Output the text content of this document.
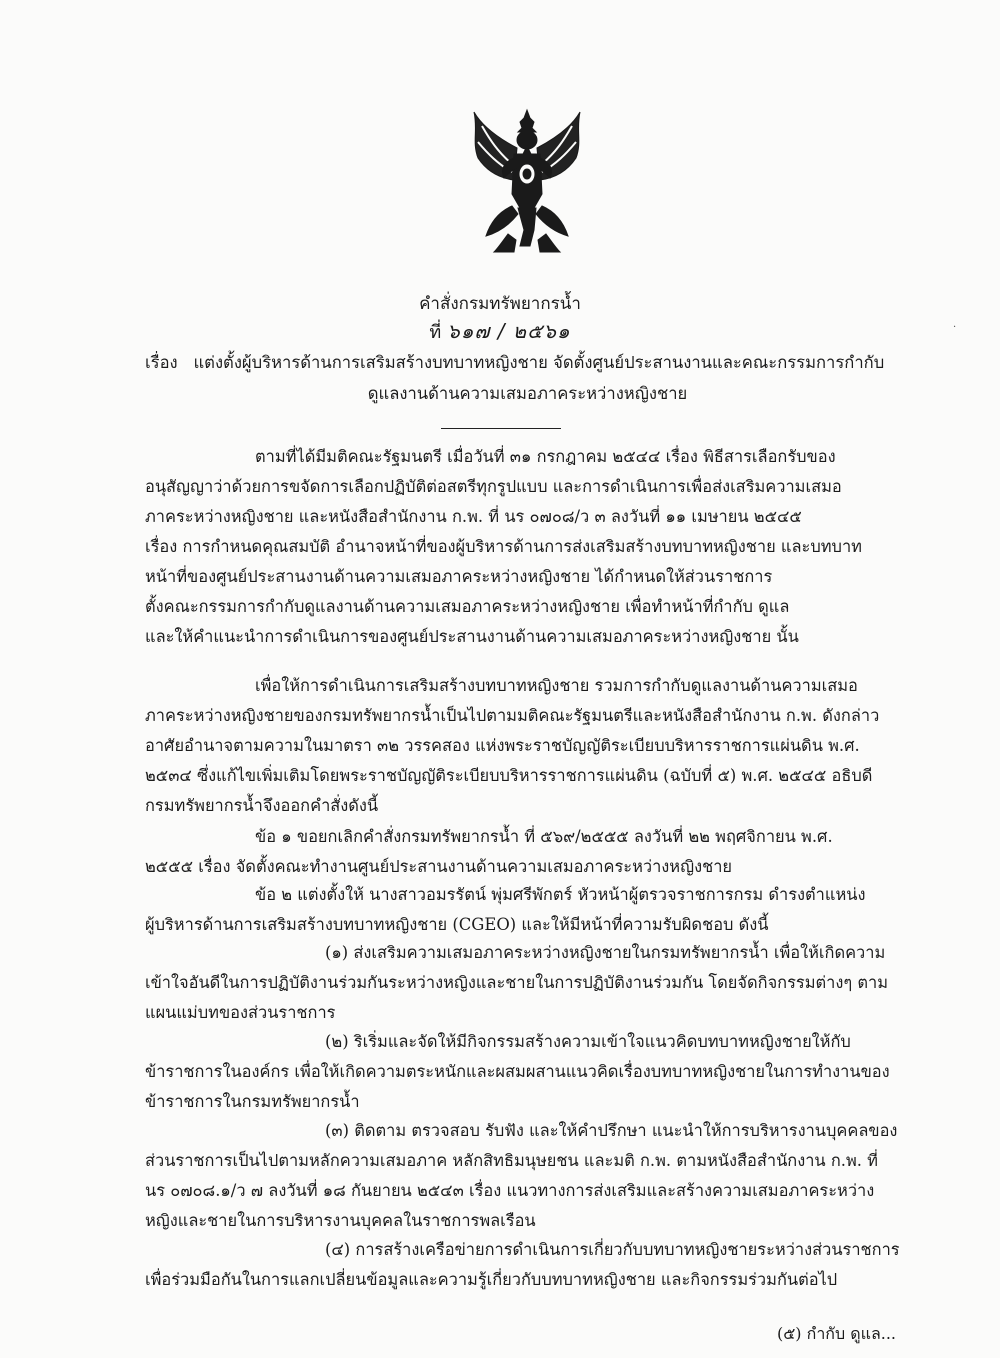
คำสั่งกรมทรัพยากรน้ำ
ที่ ๖๑๗ / ๒๕๖๑	·
เรื่อง แต่งตั้งผู้บริหารด้านการเสริมสร้างบทบาทหญิงชาย จัดตั้งศูนย์ประสานงานและคณะกรรมการกำกับ
ดูแลงานด้านความเสมอภาคระหว่างหญิงชาย
ตามที่ได้มีมติคณะรัฐมนตรี เมื่อวันที่ ๓๑ กรกฎาคม ๒๕๔๔ เรื่อง พิธีสารเลือกรับของ
อนุสัญญาว่าด้วยการขจัดการเลือกปฏิบัติต่อสตรีทุกรูปแบบ และการดำเนินการเพื่อส่งเสริมความเสมอ
ภาคระหว่างหญิงชาย และหนังสือสำนักงาน ก.พ. ที่ นร ๐๗๐๘/ว ๓ ลงวันที่ ๑๑ เมษายน ๒๕๔๕
เรื่อง การกำหนดคุณสมบัติ อำนาจหน้าที่ของผู้บริหารด้านการส่งเสริมสร้างบทบาทหญิงชาย และบทบาท
หน้าที่ของศูนย์ประสานงานด้านความเสมอภาคระหว่างหญิงชาย ได้กำหนดให้ส่วนราชการ
ตั้งคณะกรรมการกำกับดูแลงานด้านความเสมอภาคระหว่างหญิงชาย เพื่อทำหน้าที่กำกับ ดูแล
และให้คำแนะนำการดำเนินการของศูนย์ประสานงานด้านความเสมอภาคระหว่างหญิงชาย นั้น
เพื่อให้การดำเนินการเสริมสร้างบทบาทหญิงชาย รวมการกำกับดูแลงานด้านความเสมอ
ภาคระหว่างหญิงชายของกรมทรัพยากรน้ำเป็นไปตามมติคณะรัฐมนตรีและหนังสือสำนักงาน ก.พ. ดังกล่าว
อาศัยอำนาจตามความในมาตรา ๓๒ วรรคสอง แห่งพระราชบัญญัติระเบียบบริหารราชการแผ่นดิน พ.ศ.
๒๕๓๔ ซึ่งแก้ไขเพิ่มเติมโดยพระราชบัญญัติระเบียบบริหารราชการแผ่นดิน (ฉบับที่ ๕) พ.ศ. ๒๕๔๕ อธิบดี
กรมทรัพยากรน้ำจึงออกคำสั่งดังนี้
ข้อ ๑ ขอยกเลิกคำสั่งกรมทรัพยากรน้ำ ที่ ๕๖๙/๒๕๕๕ ลงวันที่ ๒๒ พฤศจิกายน พ.ศ.
๒๕๕๕ เรื่อง จัดตั้งคณะทำงานศูนย์ประสานงานด้านความเสมอภาคระหว่างหญิงชาย
ข้อ ๒ แต่งตั้งให้ นางสาวอมรรัตน์ พุ่มศรีพักตร์ หัวหน้าผู้ตรวจราชการกรม ดำรงตำแหน่ง
ผู้บริหารด้านการเสริมสร้างบทบาทหญิงชาย (CGEO) และให้มีหน้าที่ความรับผิดชอบ ดังนี้
(๑) ส่งเสริมความเสมอภาคระหว่างหญิงชายในกรมทรัพยากรน้ำ เพื่อให้เกิดความ
เข้าใจอันดีในการปฏิบัติงานร่วมกันระหว่างหญิงและชายในการปฏิบัติงานร่วมกัน โดยจัดกิจกรรมต่างๆ ตาม
แผนแม่บทของส่วนราชการ
(๒) ริเริ่มและจัดให้มีกิจกรรมสร้างความเข้าใจแนวคิดบทบาทหญิงชายให้กับ
ข้าราชการในองค์กร เพื่อให้เกิดความตระหนักและผสมผสานแนวคิดเรื่องบทบาทหญิงชายในการทำงานของ
ข้าราชการในกรมทรัพยากรน้ำ
(๓) ติดตาม ตรวจสอบ รับฟัง และให้คำปรึกษา แนะนำให้การบริหารงานบุคคลของ
ส่วนราชการเป็นไปตามหลักความเสมอภาค หลักสิทธิมนุษยชน และมติ ก.พ. ตามหนังสือสำนักงาน ก.พ. ที่
นร ๐๗๐๘.๑/ว ๗ ลงวันที่ ๑๘ กันยายน ๒๕๔๓ เรื่อง แนวทางการส่งเสริมและสร้างความเสมอภาคระหว่าง
หญิงและชายในการบริหารงานบุคคลในราชการพลเรือน
(๔) การสร้างเครือข่ายการดำเนินการเกี่ยวกับบทบาทหญิงชายระหว่างส่วนราชการ
เพื่อร่วมมือกันในการแลกเปลี่ยนข้อมูลและความรู้เกี่ยวกับบทบาทหญิงชาย และกิจกรรมร่วมกันต่อไป
(๕) กำกับ ดูแล...
